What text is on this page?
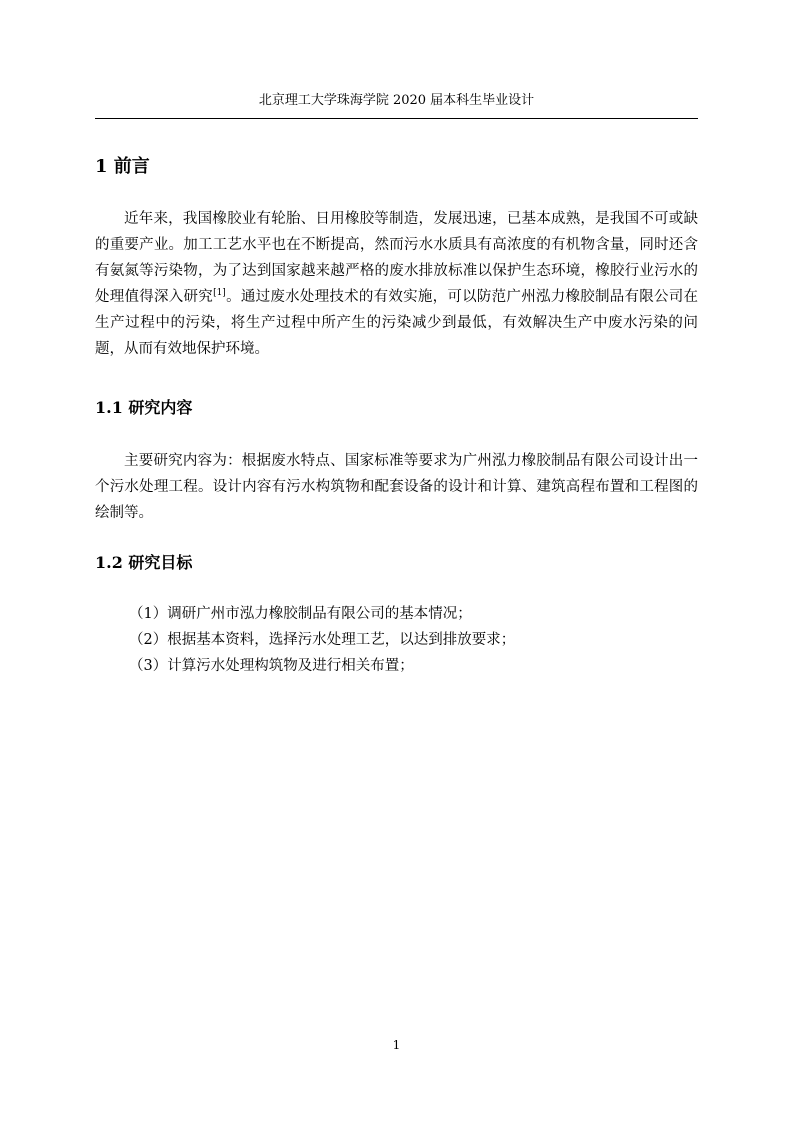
北京理工大学珠海学院 2020 届本科生毕业设计
1 前言

近年来，我国橡胶业有轮胎、日用橡胶等制造，发展迅速，已基本成熟，是我国不可或缺的重要产业。加工工艺水平也在不断提高，然而污水水质具有高浓度的有机物含量，同时还含有氨氮等污染物，为了达到国家越来越严格的废水排放标准以保护生态环境，橡胶行业污水的处理值得深入研究[1]。通过废水处理技术的有效实施，可以防范广州泓力橡胶制品有限公司在生产过程中的污染，将生产过程中所产生的污染减少到最低，有效解决生产中废水污染的问题，从而有效地保护环境。

1.1 研究内容

主要研究内容为：根据废水特点、国家标准等要求为广州泓力橡胶制品有限公司设计出一个污水处理工程。设计内容有污水构筑物和配套设备的设计和计算、建筑高程布置和工程图的绘制等。

1.2 研究目标
（1）调研广州市泓力橡胶制品有限公司的基本情况；
（2）根据基本资料，选择污水处理工艺，以达到排放要求；
（3）计算污水处理构筑物及进行相关布置；
1
